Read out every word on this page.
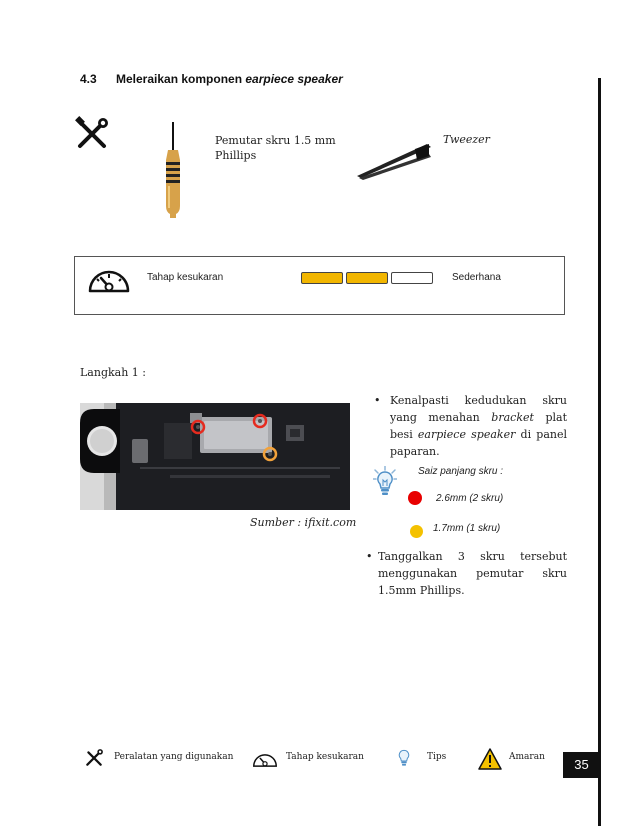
4.3 Meleraikan komponen earpiece speaker
Pemutar skru 1.5 mm
Phillips
Tweezer
Tahap kesukaran	Sederhana
Langkah 1 :
Sumber : ifixit.com
• Kenalpasti kedudukan skru yang menahan bracket plat besi earpiece speaker di panel paparan.

Saiz panjang skru :
2.6mm (2 skru)
1.7mm (1 skru)
• Tanggalkan 3 skru tersebut menggunakan pemutar skru 1.5mm Phillips.

Peralatan yang digunakan	Tahap kesukaran	Tips	Amaran	35
